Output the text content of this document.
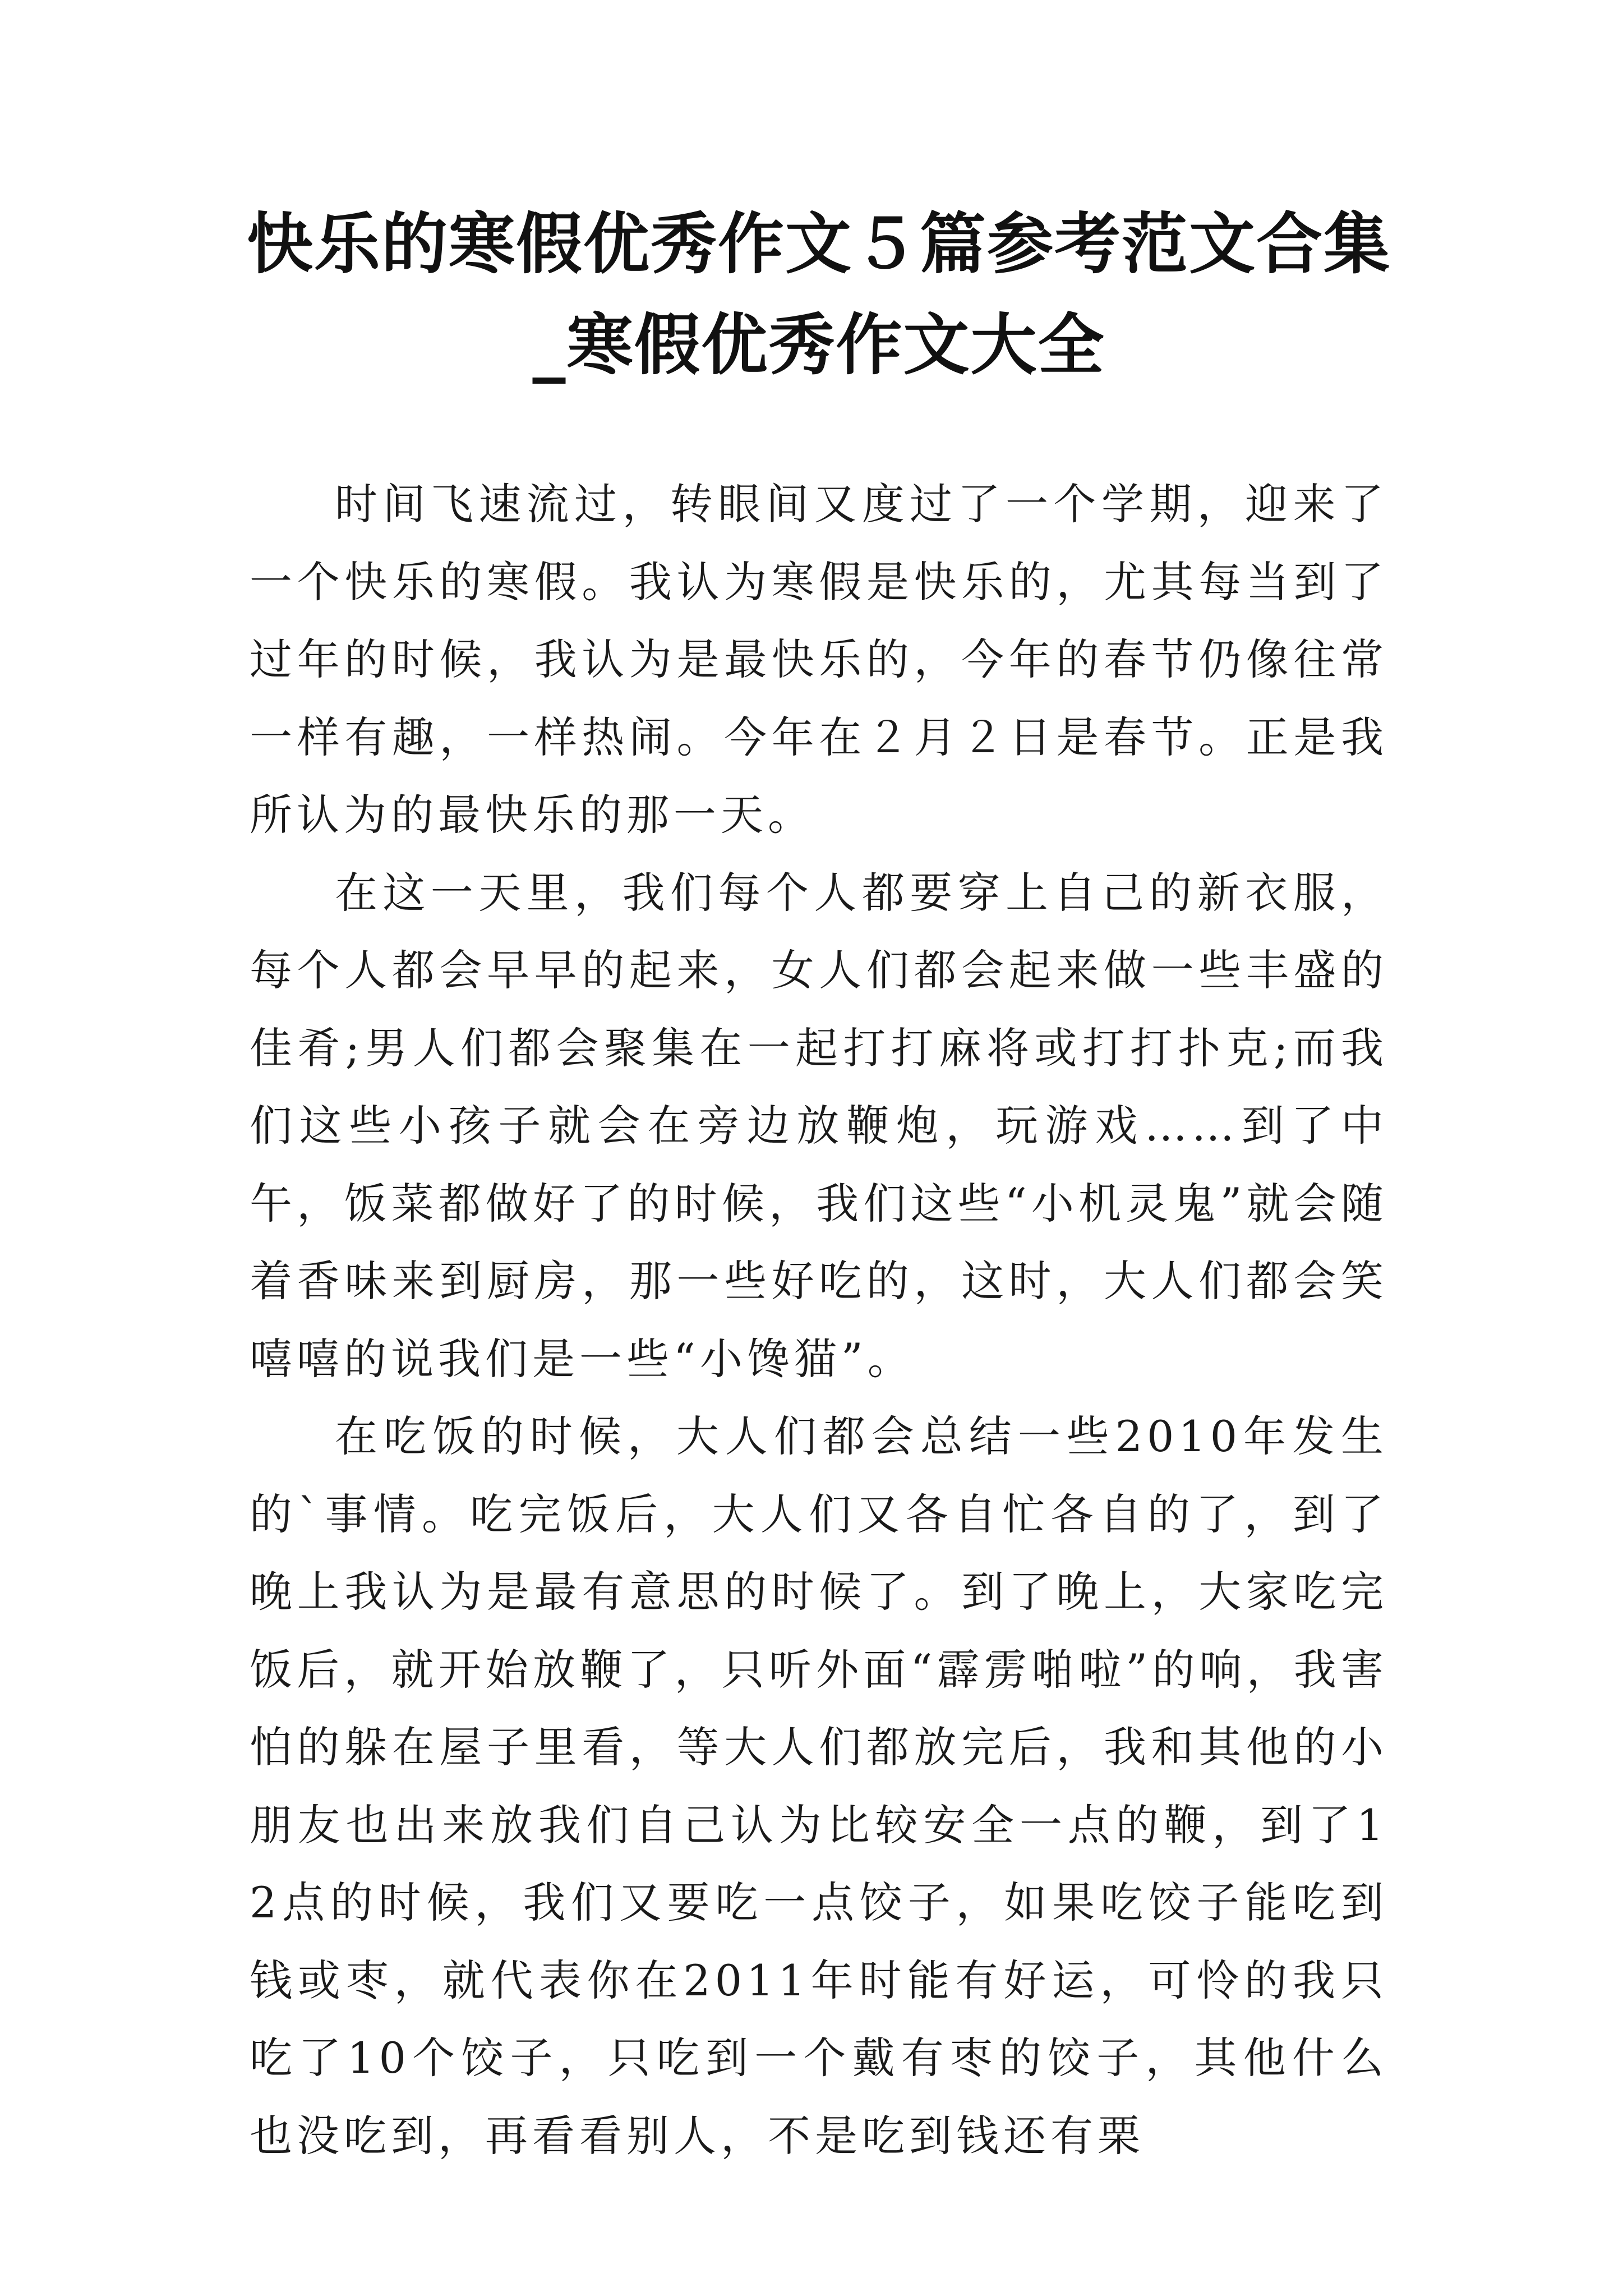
快乐的寒假优秀作文５篇参考范文合集_寒假优秀作文大全

时间飞速流过，转眼间又度过了一个学期，迎来了一个快乐的寒假。我认为寒假是快乐的，尤其每当到了过年的时候，我认为是最快乐的，今年的春节仍像往常一样有趣，一样热闹。今年在２月２日是春节。正是我所认为的最快乐的那一天。

在这一天里，我们每个人都要穿上自己的新衣服，每个人都会早早的起来，女人们都会起来做一些丰盛的佳肴;男人们都会聚集在一起打打麻将或打打扑克;而我们这些小孩子就会在旁边放鞭炮，玩游戏……到了中午，饭菜都做好了的时候，我们这些“小机灵鬼”就会随着香味来到厨房，那一些好吃的，这时，大人们都会笑嘻嘻的说我们是一些“小馋猫”。

在吃饭的时候，大人们都会总结一些2010年发生的`事情。吃完饭后，大人们又各自忙各自的了，到了晚上我认为是最有意思的时候了。到了晚上，大家吃完饭后，就开始放鞭了，只听外面“霹雳啪啦”的响，我害怕的躲在屋子里看，等大人们都放完后，我和其他的小朋友也出来放我们自己认为比较安全一点的鞭，到了12点的时候，我们又要吃一点饺子，如果吃饺子能吃到钱或枣，就代表你在2011年时能有好运，可怜的我只吃了10个饺子，只吃到一个戴有枣的饺子，其他什么也没吃到，再看看别人，不是吃到钱还有栗
